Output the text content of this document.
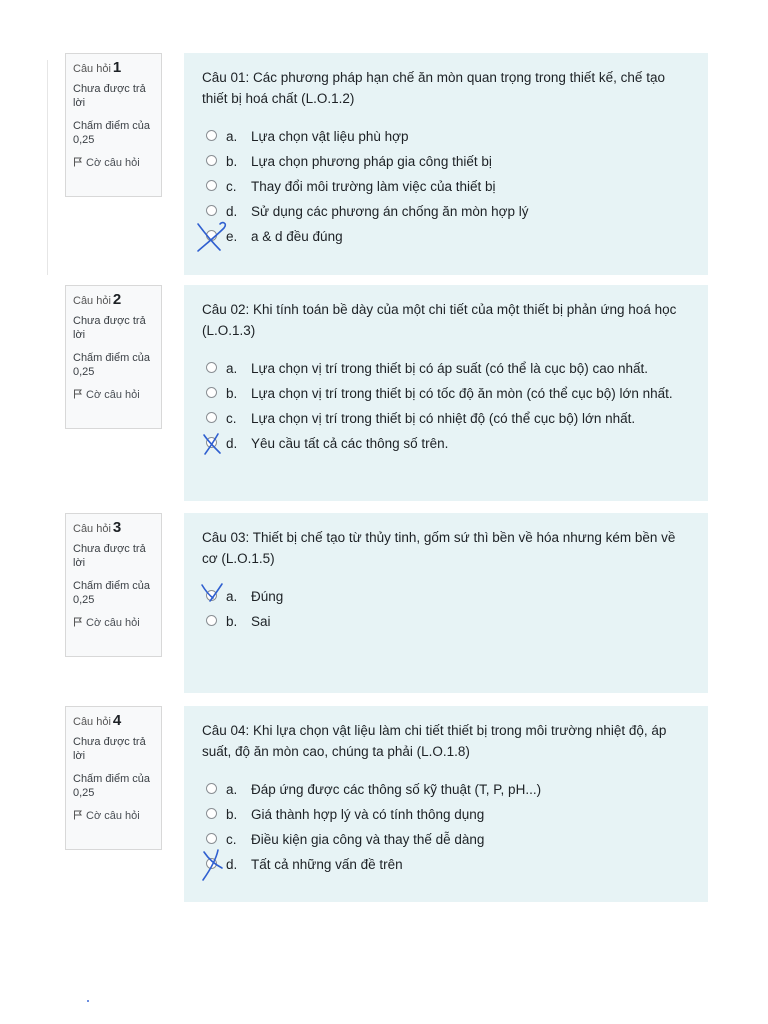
Câu hỏi 1
Chưa được trả lời
Chấm điểm của 0,25
Cờ câu hỏi

Câu 01: Các phương pháp hạn chế ăn mòn quan trọng trong thiết kế, chế tạo thiết bị hoá chất (L.O.1.2)

a.	Lựa chọn vật liệu phù hợp
b.	Lựa chọn phương pháp gia công thiết bị
c.	Thay đổi môi trường làm việc của thiết bị
d.	Sử dụng các phương án chống ăn mòn hợp lý
e.	a & d đều đúng
Câu hỏi 2
Chưa được trả lời
Chấm điểm của 0,25
Cờ câu hỏi

Câu 02: Khi tính toán bề dày của một chi tiết của một thiết bị phản ứng hoá học (L.O.1.3)

a.	Lựa chọn vị trí trong thiết bị có áp suất (có thể là cục bộ) cao nhất.
b.	Lựa chọn vị trí trong thiết bị có tốc độ ăn mòn (có thể cục bộ) lớn nhất.
c.	Lựa chọn vị trí trong thiết bị có nhiệt độ (có thể cục bộ) lớn nhất.
d.	Yêu cầu tất cả các thông số trên.
Câu hỏi 3
Chưa được trả lời
Chấm điểm của 0,25
Cờ câu hỏi

Câu 03: Thiết bị chế tạo từ thủy tinh, gốm sứ thì bền về hóa nhưng kém bền về cơ (L.O.1.5)

a.	Đúng
b.	Sai
Câu hỏi 4
Chưa được trả lời
Chấm điểm của 0,25
Cờ câu hỏi

Câu 04: Khi lựa chọn vật liệu làm chi tiết thiết bị trong môi trường nhiệt độ, áp suất, độ ăn mòn cao, chúng ta phải (L.O.1.8)

a.	Đáp ứng được các thông số kỹ thuật (T, P, pH...)
b.	Giá thành hợp lý và có tính thông dụng
c.	Điều kiện gia công và thay thế dễ dàng
d.	Tất cả những vấn đề trên
